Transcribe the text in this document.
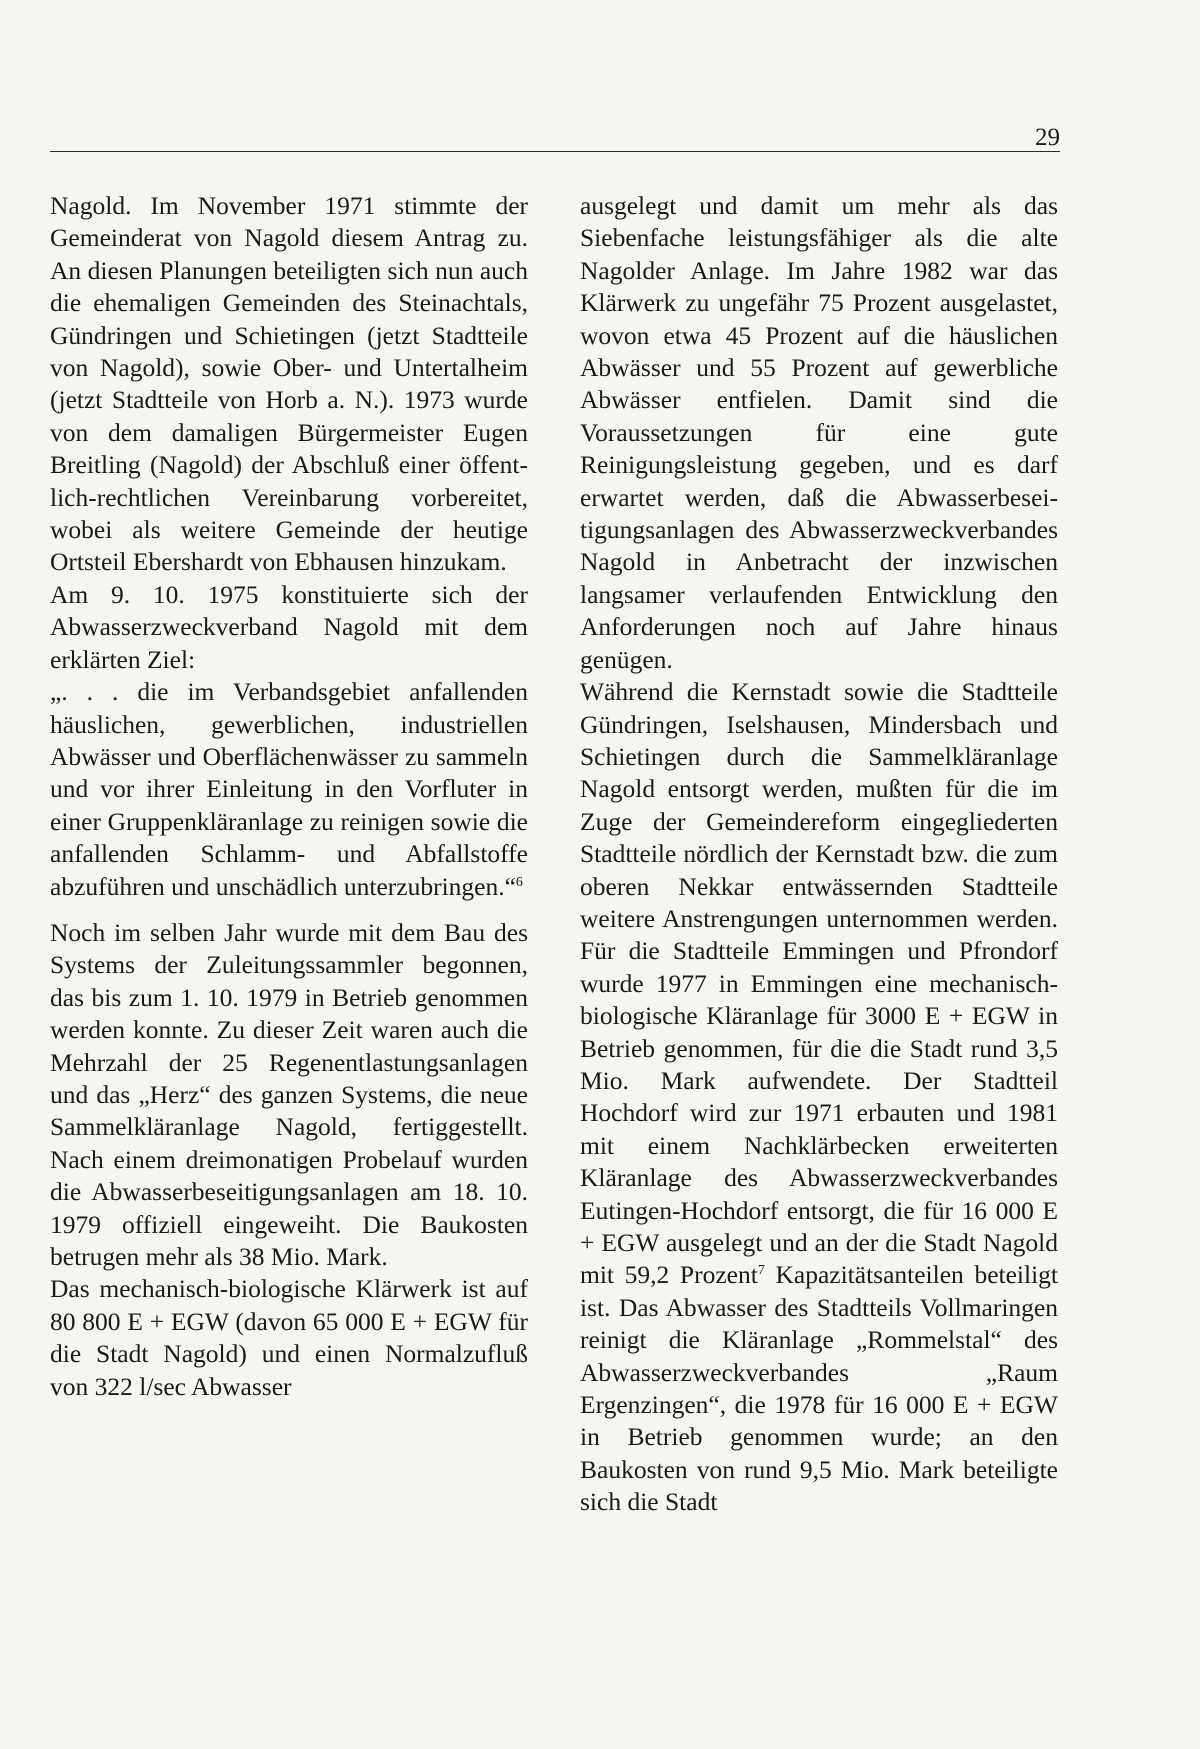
29

Nagold. Im November 1971 stimmte der Gemeinderat von Nagold diesem Antrag zu. An diesen Planungen beteiligten sich nun auch die ehemaligen Gemeinden des Steinachtals, Gündringen und Schietingen (jetzt Stadtteile von Nagold), sowie Ober- und Untertalheim (jetzt Stadtteile von Horb a. N.). 1973 wurde von dem damaligen Bürgermeister Eugen Breitling (Nagold) der Abschluß einer öffentlich-rechtlichen Vereinbarung vorbereitet, wobei als weitere Gemeinde der heutige Ortsteil Ebershardt von Ebhausen hinzukam.

Am 9. 10. 1975 konstituierte sich der Abwasserzweckverband Nagold mit dem erklärten Ziel:

„. . . die im Verbandsgebiet anfallenden häuslichen, gewerblichen, industriellen Abwässer und Oberflächenwässer zu sammeln und vor ihrer Einleitung in den Vorfluter in einer Gruppenkläranlage zu reinigen sowie die anfallenden Schlamm- und Abfallstoffe abzuführen und unschädlich unterzubringen.“$^6$

Noch im selben Jahr wurde mit dem Bau des Systems der Zuleitungssammler begonnen, das bis zum 1. 10. 1979 in Betrieb genommen werden konnte. Zu dieser Zeit waren auch die Mehrzahl der 25 Regenentlastungsanlagen und das „Herz“ des ganzen Systems, die neue Sammelkläranlage Nagold, fertiggestellt. Nach einem dreimonatigen Probelauf wurden die Abwasserbeseitigungsanlagen am 18. 10. 1979 offiziell eingeweiht. Die Baukosten betrugen mehr als 38 Mio. Mark.

Das mechanisch-biologische Klärwerk ist auf 80 800 E + EGW (davon 65 000 E + EGW für die Stadt Nagold) und einen Normalzufluß von 322 l/sec Abwasser

ausgelegt und damit um mehr als das Siebenfache leistungsfähiger als die alte Nagolder Anlage. Im Jahre 1982 war das Klärwerk zu ungefähr 75 Prozent ausgelastet, wovon etwa 45 Prozent auf die häuslichen Abwässer und 55 Prozent auf gewerbliche Abwässer entfielen. Damit sind die Voraussetzungen für eine gute Reinigungsleistung gegeben, und es darf erwartet werden, daß die Abwasserbeseitigungsanlagen des Abwasserzweckverbandes Nagold in Anbetracht der inzwischen langsamer verlaufenden Entwicklung den Anforderungen noch auf Jahre hinaus genügen.

Während die Kernstadt sowie die Stadtteile Gündringen, Iselshausen, Mindersbach und Schietingen durch die Sammelkläranlage Nagold entsorgt werden, mußten für die im Zuge der Gemeindereform eingegliederten Stadtteile nördlich der Kernstadt bzw. die zum oberen Nekkar entwässernden Stadtteile weitere Anstrengungen unternommen werden. Für die Stadtteile Emmingen und Pfrondorf wurde 1977 in Emmingen eine mechanisch-biologische Kläranlage für 3000 E + EGW in Betrieb genommen, für die die Stadt rund 3,5 Mio. Mark aufwendete. Der Stadtteil Hochdorf wird zur 1971 erbauten und 1981 mit einem Nachklärbecken erweiterten Kläranlage des Abwasserzweckverbandes Eutingen-Hochdorf entsorgt, die für 16 000 E + EGW ausgelegt und an der die Stadt Nagold mit 59,2 Prozent$^7$ Kapazitätsanteilen beteiligt ist. Das Abwasser des Stadtteils Vollmaringen reinigt die Kläranlage „Rommelstal“ des Abwasserzweckverbandes „Raum Ergenzingen“, die 1978 für 16 000 E + EGW in Betrieb genommen wurde; an den Baukosten von rund 9,5 Mio. Mark beteiligte sich die Stadt
